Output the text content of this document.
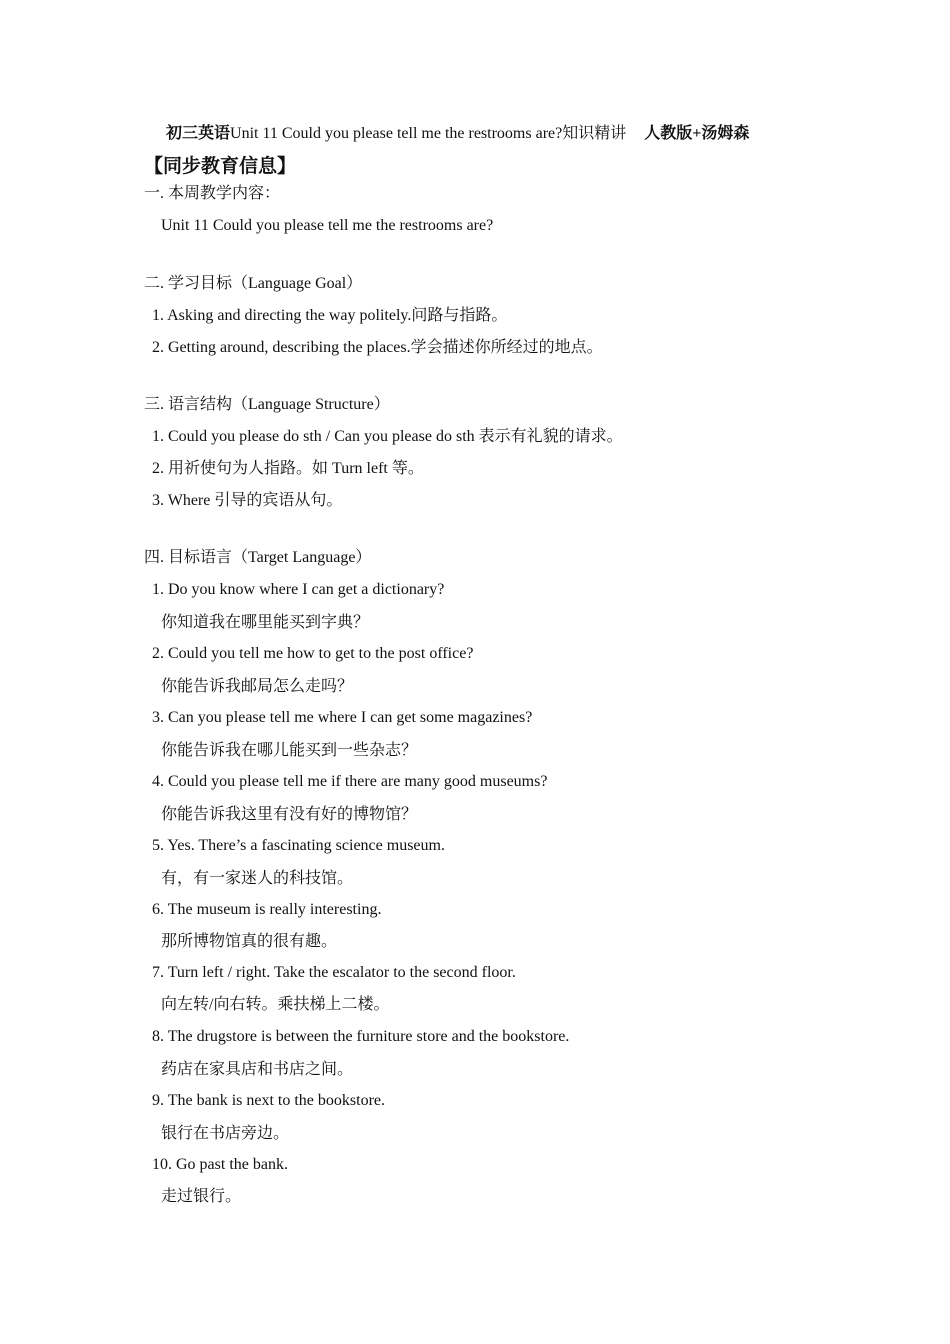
初三英语Unit 11 Could you please tell me the restrooms are?知识精讲 人教版+汤姆森
【同步教育信息】
一. 本周教学内容：
Unit 11 Could you please tell me the restrooms are?
二. 学习目标（Language Goal）
1. Asking and directing the way politely.问路与指路。
2. Getting around, describing the places.学会描述你所经过的地点。
三. 语言结构（Language Structure）
1. Could you please do sth / Can you please do sth 表示有礼貌的请求。
2. 用祈使句为人指路。如 Turn left 等。
3. Where 引导的宾语从句。
四. 目标语言（Target Language）
1. Do you know where I can get a dictionary?
你知道我在哪里能买到字典？
2. Could you tell me how to get to the post office?
你能告诉我邮局怎么走吗？
3. Can you please tell me where I can get some magazines?
你能告诉我在哪儿能买到一些杂志？
4. Could you please tell me if there are many good museums?
你能告诉我这里有没有好的博物馆？
5. Yes. There’s a fascinating science museum.
有，有一家迷人的科技馆。
6. The museum is really interesting.
那所博物馆真的很有趣。
7. Turn left / right. Take the escalator to the second floor.
向左转/向右转。乘扶梯上二楼。
8. The drugstore is between the furniture store and the bookstore.
药店在家具店和书店之间。
9. The bank is next to the bookstore.
银行在书店旁边。
10. Go past the bank.
走过银行。
